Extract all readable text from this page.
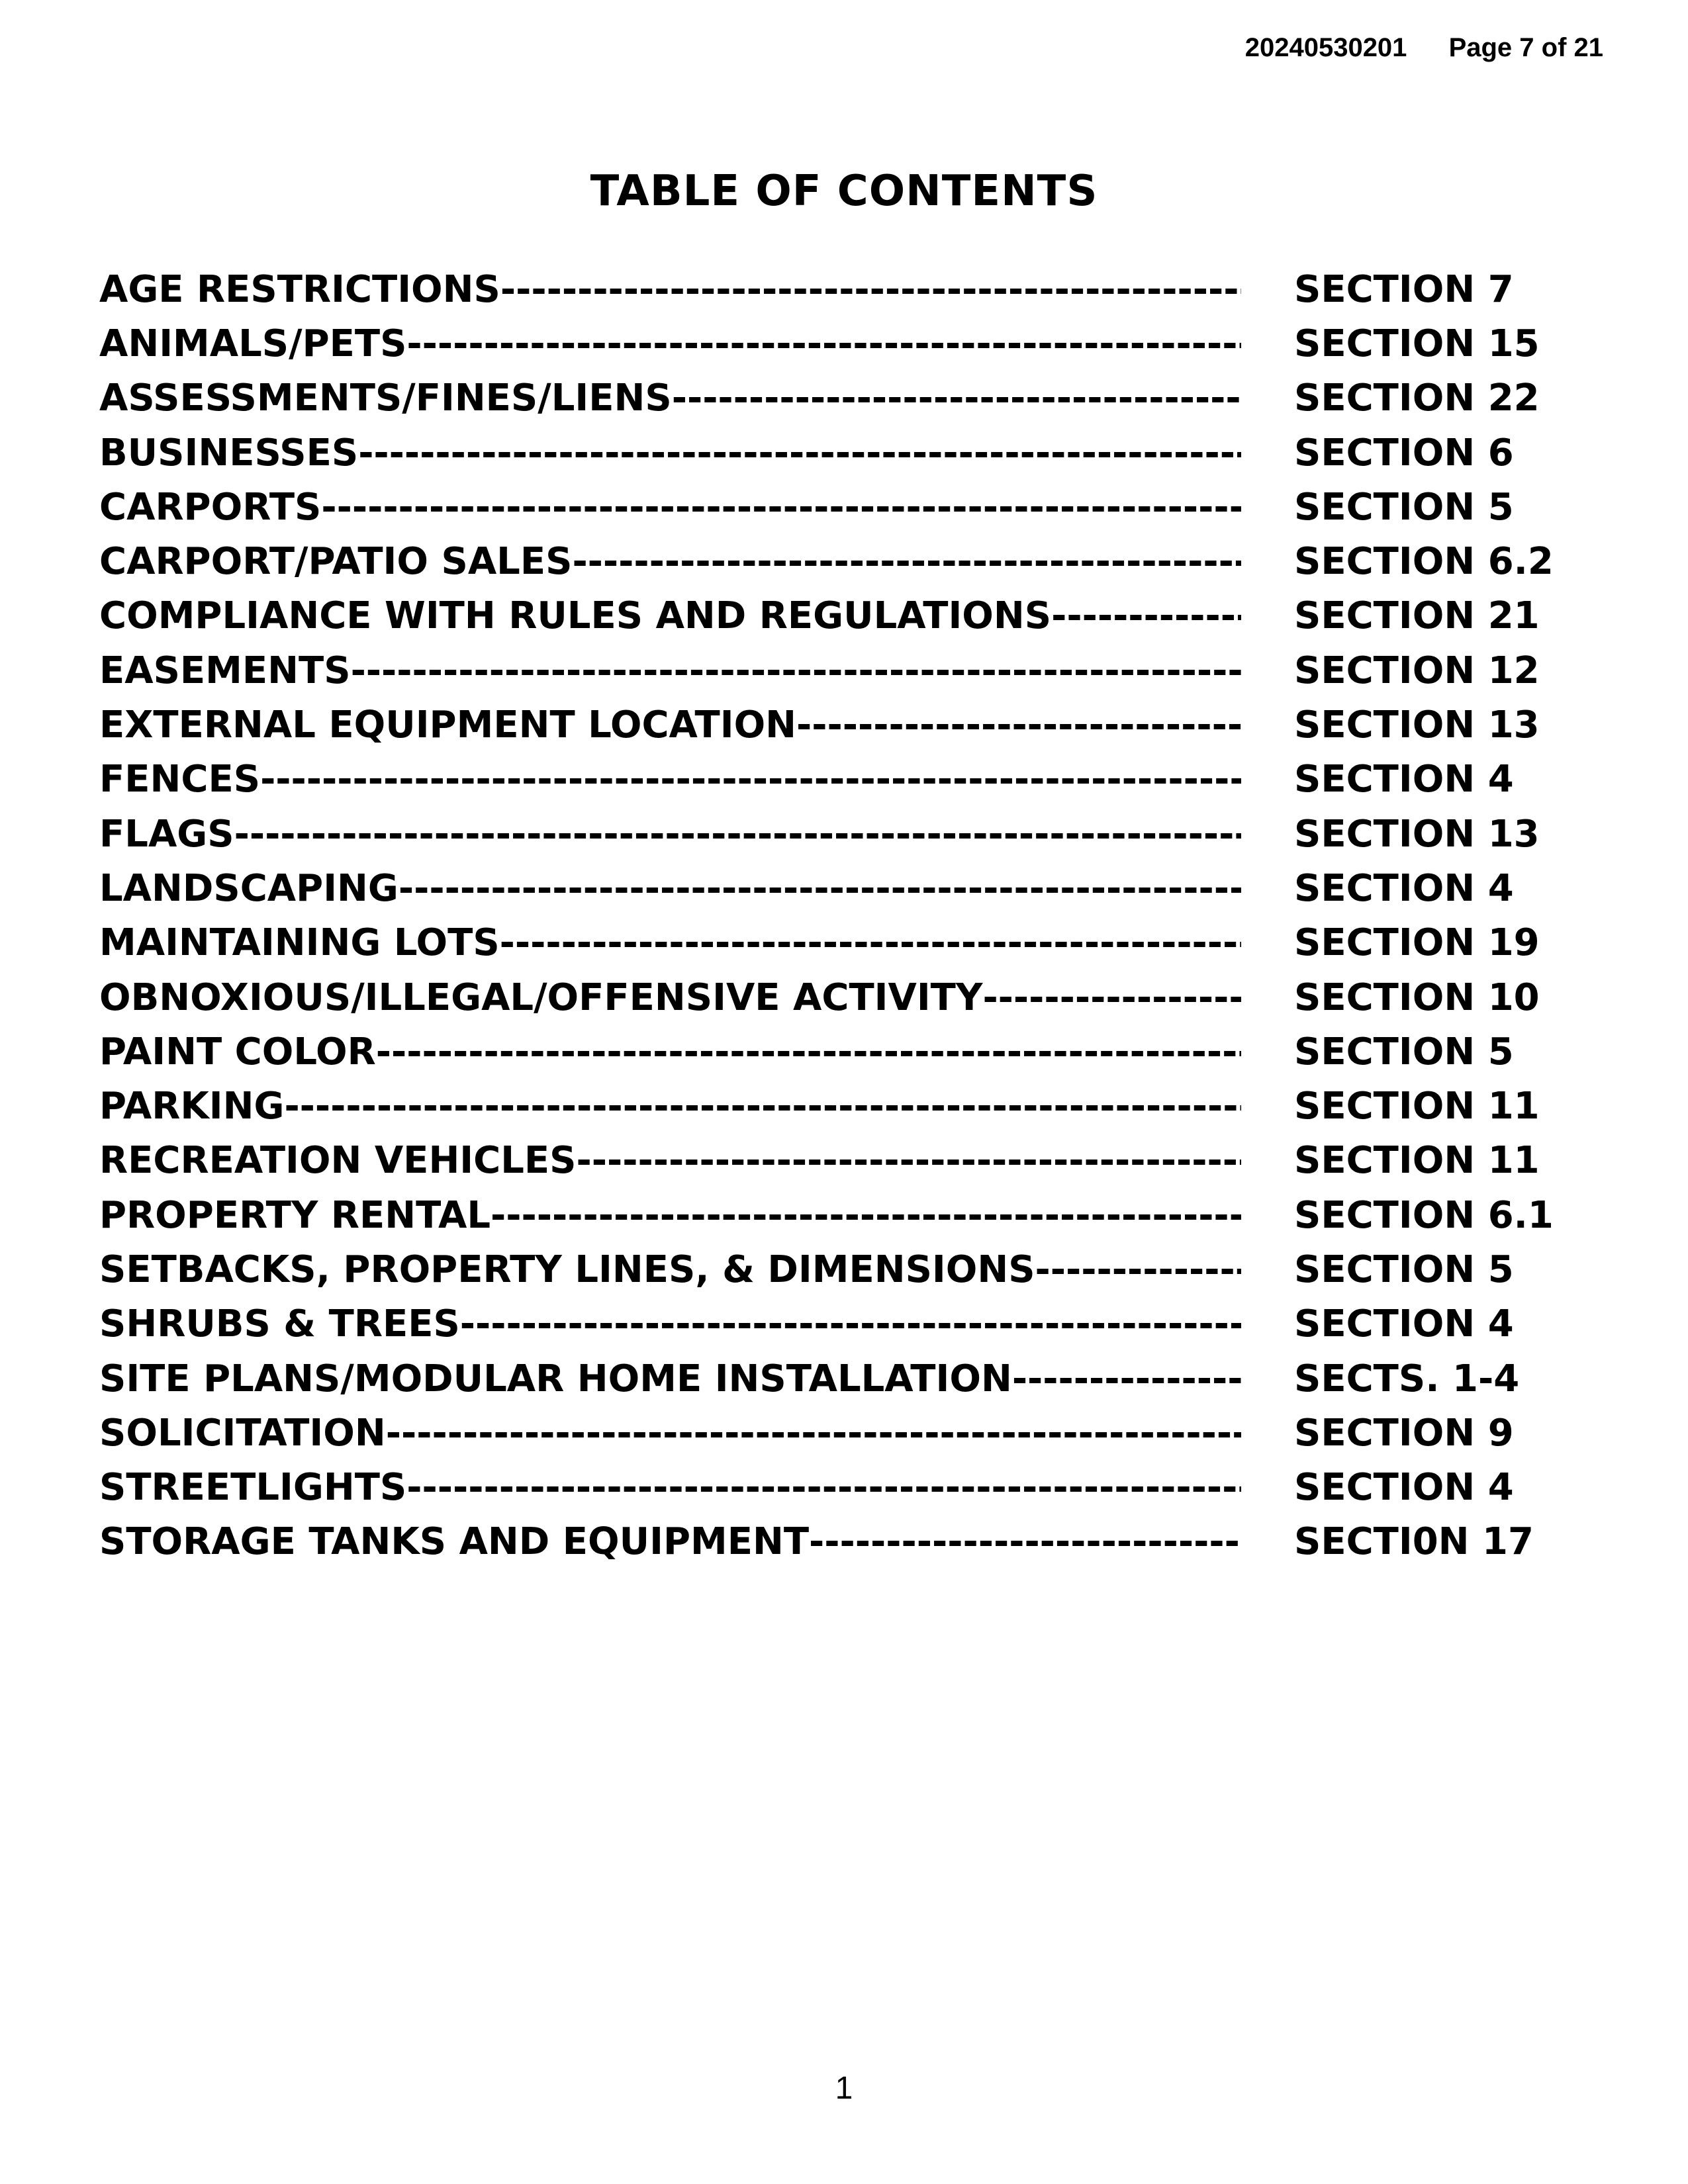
20240530201 Page 7 of 21
TABLE OF CONTENTS
AGE RESTRICTIONS -----	SECTION 7
ANIMALS/PETS -----	SECTION 15
ASSESSMENTS/FINES/LIENS -----	SECTION 22
BUSINESSES -----	SECTION 6
CARPORTS -----	SECTION 5
CARPORT/PATIO SALES -----	SECTION 6.2
COMPLIANCE WITH RULES AND REGULATIONS -----	SECTION 21
EASEMENTS -----	SECTION 12
EXTERNAL EQUIPMENT LOCATION -----	SECTION 13
FENCES -----	SECTION 4
FLAGS -----	SECTION 13
LANDSCAPING -----	SECTION 4
MAINTAINING LOTS -----	SECTION 19
OBNOXIOUS/ILLEGAL/OFFENSIVE ACTIVITY -----	SECTION 10
PAINT COLOR -----	SECTION 5
PARKING -----	SECTION 11
RECREATION VEHICLES -----	SECTION 11
PROPERTY RENTAL -----	SECTION 6.1
SETBACKS, PROPERTY LINES, & DIMENSIONS -----	SECTION 5
SHRUBS & TREES -----	SECTION 4
SITE PLANS/MODULAR HOME INSTALLATION -----	SECTS. 1-4
SOLICITATION -----	SECTION 9
STREETLIGHTS -----	SECTION 4
STORAGE TANKS AND EQUIPMENT -----	SECTI0N 17
1
